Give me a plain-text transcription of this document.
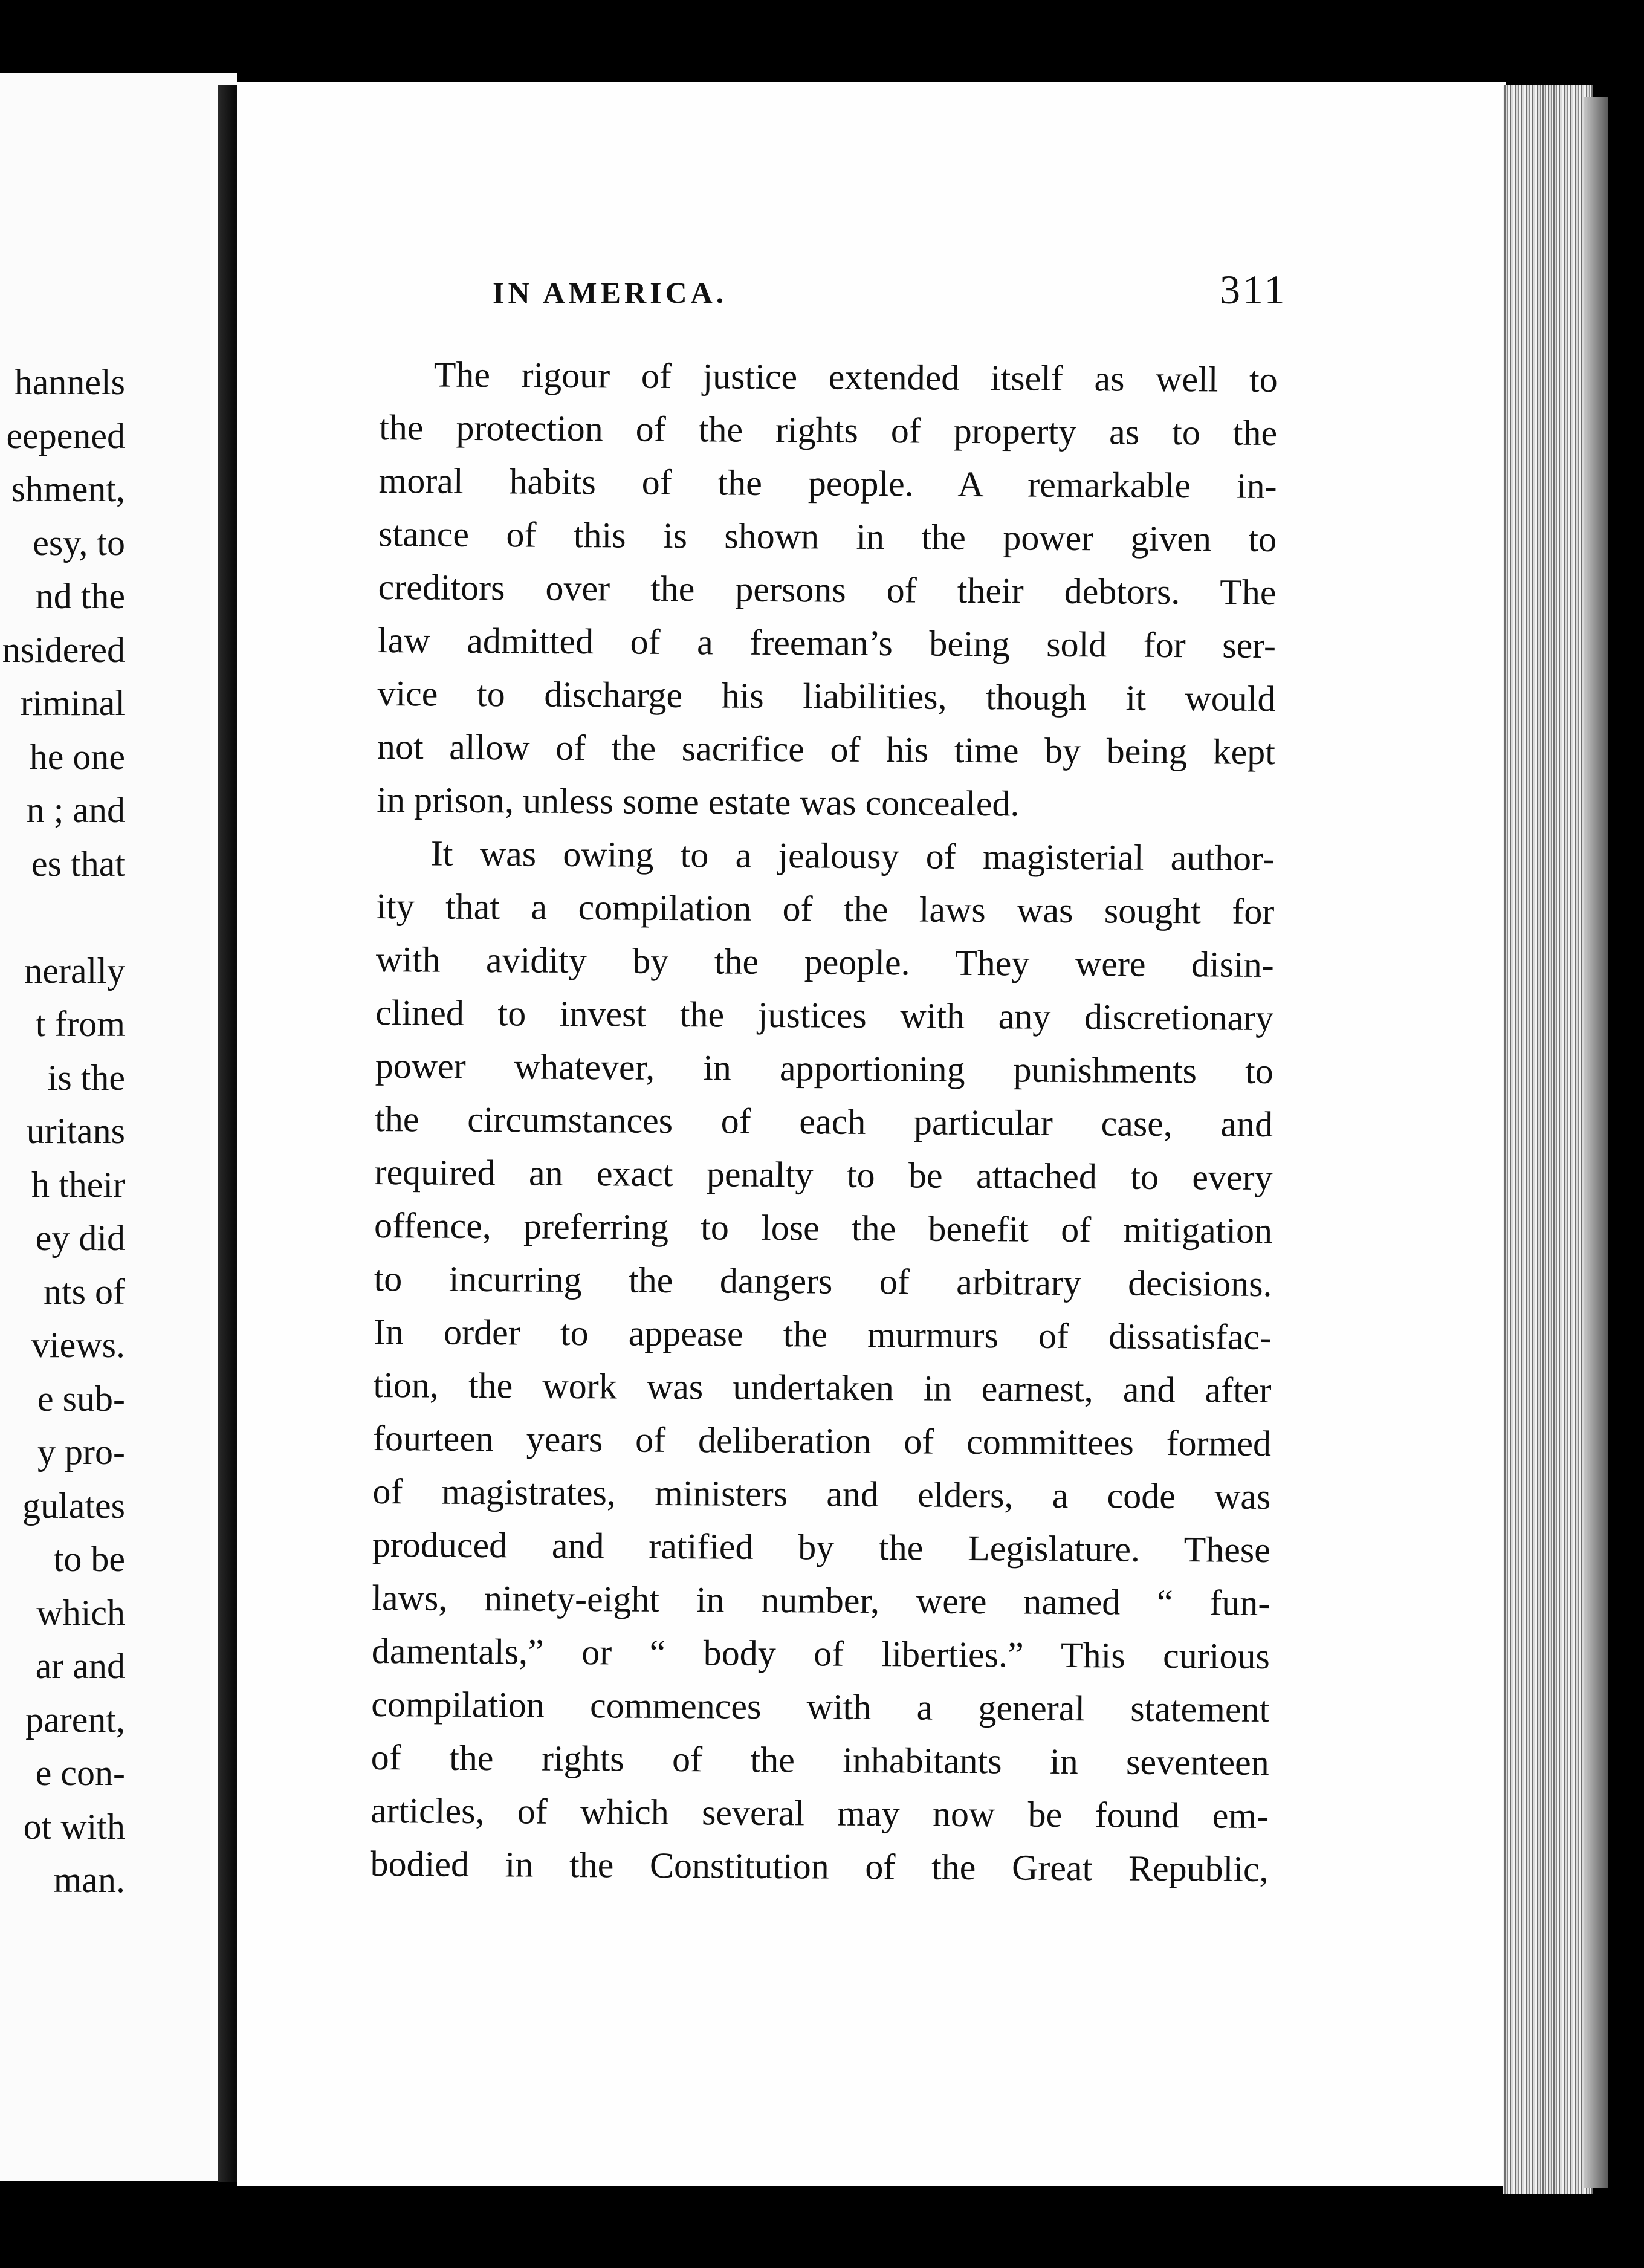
hannels
eepened
shment,
esy, to
nd the
nsidered
riminal
he one
n ; and
es that

nerally
t from
is the
uritans
h their
ey did
nts of
views.
e sub-
y pro-
gulates
to be
which
ar and
parent,
e con-
ot with
man.
IN AMERICA.	311
The rigour of justice extended itself as well to
the protection of the rights of property as to the
moral habits of the people. A remarkable in-
stance of this is shown in the power given to
creditors over the persons of their debtors. The
law admitted of a freeman’s being sold for ser-
vice to discharge his liabilities, though it would
not allow of the sacrifice of his time by being kept
in prison, unless some estate was concealed.
It was owing to a jealousy of magisterial author-
ity that a compilation of the laws was sought for
with avidity by the people. They were disin-
clined to invest the justices with any discretionary
power whatever, in apportioning punishments to
the circumstances of each particular case, and
required an exact penalty to be attached to every
offence, preferring to lose the benefit of mitigation
to incurring the dangers of arbitrary decisions.
In order to appease the murmurs of dissatisfac-
tion, the work was undertaken in earnest, and after
fourteen years of deliberation of committees formed
of magistrates, ministers and elders, a code was
produced and ratified by the Legislature. These
laws, ninety-eight in number, were named “ fun-
damentals,” or “ body of liberties.” This curious
compilation commences with a general statement
of the rights of the inhabitants in seventeen
articles, of which several may now be found em-
bodied in the Constitution of the Great Republic,
